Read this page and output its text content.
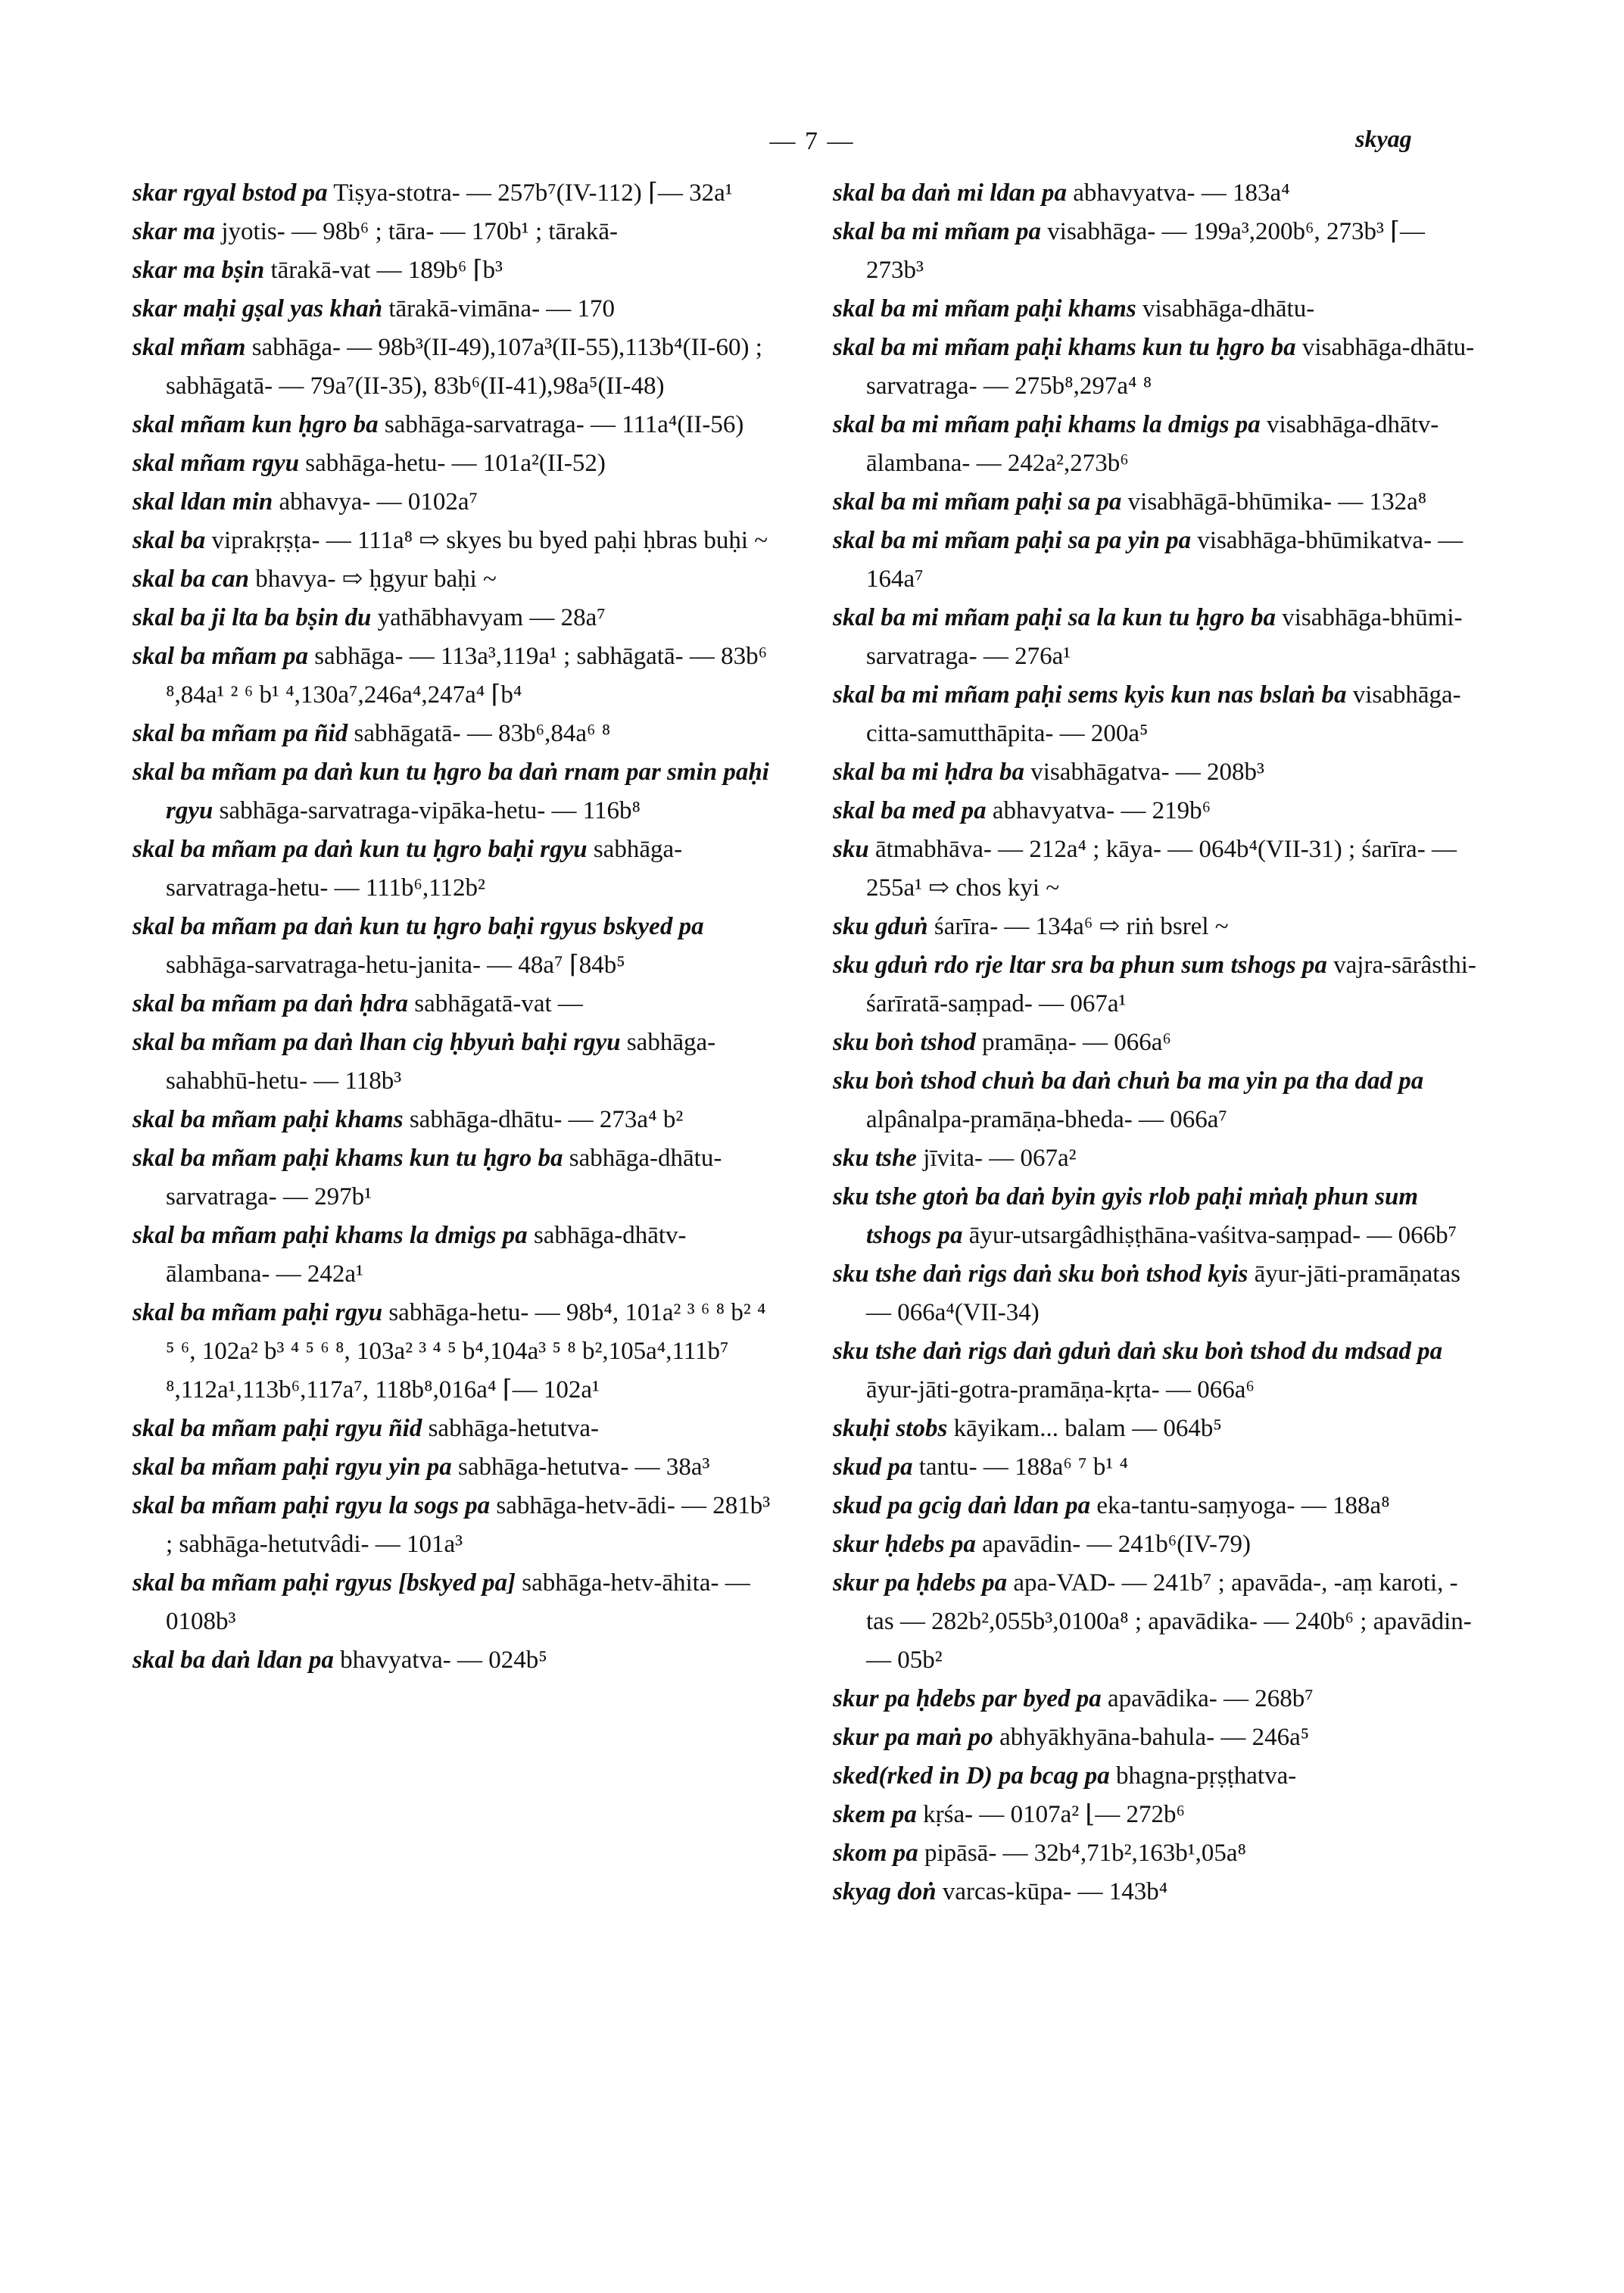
— 7 —	skyag

skar rgyal bstod pa Tiṣya-stotra- — 257b⁷(IV-112) ⌈— 32a¹

skar ma jyotis- — 98b⁶ ; tāra- — 170b¹ ; tārakā-

skar ma bṣin tārakā-vat — 189b⁶ ⌈b³

skar maḥi gṣal yas khaṅ tārakā-vimāna- — 170

skal mñam sabhāga- — 98b³(II-49),107a³(II-55),113b⁴(II-60) ; sabhāgatā- — 79a⁷(II-35), 83b⁶(II-41),98a⁵(II-48)

skal mñam kun ḥgro ba sabhāga-sarvatraga- — 111a⁴(II-56)

skal mñam rgyu sabhāga-hetu- — 101a²(II-52)

skal ldan min abhavya- — 0102a⁷

skal ba viprakṛṣṭa- — 111a⁸ ⇨ skyes bu byed paḥi ḥbras buḥi ~

skal ba can bhavya- ⇨ ḥgyur baḥi ~

skal ba ji lta ba bṣin du yathābhavyam — 28a⁷

skal ba mñam pa sabhāga- — 113a³,119a¹ ; sabhāgatā- — 83b⁶ ⁸,84a¹ ² ⁶ b¹ ⁴,130a⁷,246a⁴,247a⁴ ⌈b⁴

skal ba mñam pa ñid sabhāgatā- — 83b⁶,84a⁶ ⁸

skal ba mñam pa daṅ kun tu ḥgro ba daṅ rnam par smin paḥi rgyu sabhāga-sarvatraga-vipāka-hetu- — 116b⁸

skal ba mñam pa daṅ kun tu ḥgro baḥi rgyu sabhāga-sarvatraga-hetu- — 111b⁶,112b²

skal ba mñam pa daṅ kun tu ḥgro baḥi rgyus bskyed pa sabhāga-sarvatraga-hetu-janita- — 48a⁷ ⌈84b⁵

skal ba mñam pa daṅ ḥdra sabhāgatā-vat —

skal ba mñam pa daṅ lhan cig ḥbyuṅ baḥi rgyu sabhāga-sahabhū-hetu- — 118b³

skal ba mñam paḥi khams sabhāga-dhātu- — 273a⁴ b²

skal ba mñam paḥi khams kun tu ḥgro ba sabhāga-dhātu-sarvatraga- — 297b¹

skal ba mñam paḥi khams la dmigs pa sabhāga-dhātv-ālambana- — 242a¹

skal ba mñam paḥi rgyu sabhāga-hetu- — 98b⁴, 101a² ³ ⁶ ⁸ b² ⁴ ⁵ ⁶, 102a² b³ ⁴ ⁵ ⁶ ⁸, 103a² ³ ⁴ ⁵ b⁴,104a³ ⁵ ⁸ b²,105a⁴,111b⁷ ⁸,112a¹,113b⁶,117a⁷, 118b⁸,016a⁴ ⌈— 102a¹

skal ba mñam paḥi rgyu ñid sabhāga-hetutva-

skal ba mñam paḥi rgyu yin pa sabhāga-hetutva- — 38a³

skal ba mñam paḥi rgyu la sogs pa sabhāga-hetv-ādi- — 281b³ ; sabhāga-hetutvâdi- — 101a³

skal ba mñam paḥi rgyus [bskyed pa] sabhāga-hetv-āhita- — 0108b³

skal ba daṅ ldan pa bhavyatva- — 024b⁵

skal ba daṅ mi ldan pa abhavyatva- — 183a⁴

skal ba mi mñam pa visabhāga- — 199a³,200b⁶, 273b³ ⌈— 273b³

skal ba mi mñam paḥi khams visabhāga-dhātu-

skal ba mi mñam paḥi khams kun tu ḥgro ba visabhāga-dhātu-sarvatraga- — 275b⁸,297a⁴ ⁸

skal ba mi mñam paḥi khams la dmigs pa visabhāga-dhātv-ālambana- — 242a²,273b⁶

skal ba mi mñam paḥi sa pa visabhāgā-bhūmika- — 132a⁸

skal ba mi mñam paḥi sa pa yin pa visabhāga-bhūmikatva- — 164a⁷

skal ba mi mñam paḥi sa la kun tu ḥgro ba visabhāga-bhūmi-sarvatraga- — 276a¹

skal ba mi mñam paḥi sems kyis kun nas bslaṅ ba visabhāga-citta-samutthāpita- — 200a⁵

skal ba mi ḥdra ba visabhāgatva- — 208b³

skal ba med pa abhavyatva- — 219b⁶

sku ātmabhāva- — 212a⁴ ; kāya- — 064b⁴(VII-31) ; śarīra- — 255a¹ ⇨ chos kyi ~

sku gduṅ śarīra- — 134a⁶ ⇨ riṅ bsrel ~

sku gduṅ rdo rje ltar sra ba phun sum tshogs pa vajra-sārâsthi-śarīratā-saṃpad- — 067a¹

sku boṅ tshod pramāṇa- — 066a⁶

sku boṅ tshod chuṅ ba daṅ chuṅ ba ma yin pa tha dad pa alpânalpa-pramāṇa-bheda- — 066a⁷

sku tshe jīvita- — 067a²

sku tshe gtoṅ ba daṅ byin gyis rlob paḥi mṅaḥ phun sum tshogs pa āyur-utsargâdhiṣṭhāna-vaśitva-saṃpad- — 066b⁷

sku tshe daṅ rigs daṅ sku boṅ tshod kyis āyur-jāti-pramāṇatas — 066a⁴(VII-34)

sku tshe daṅ rigs daṅ gduṅ daṅ sku boṅ tshod du mdsad pa āyur-jāti-gotra-pramāṇa-kṛta- — 066a⁶

skuḥi stobs kāyikam... balam — 064b⁵

skud pa tantu- — 188a⁶ ⁷ b¹ ⁴

skud pa gcig daṅ ldan pa eka-tantu-saṃyoga- — 188a⁸

skur ḥdebs pa apavādin- — 241b⁶(IV-79)

skur pa ḥdebs pa apa-VAD- — 241b⁷ ; apavāda-, -aṃ karoti, -tas — 282b²,055b³,0100a⁸ ; apavādika- — 240b⁶ ; apavādin- — 05b²

skur pa ḥdebs par byed pa apavādika- — 268b⁷

skur pa maṅ po abhyākhyāna-bahula- — 246a⁵

sked(rked in D) pa bcag pa bhagna-pṛṣṭhatva-

skem pa kṛśa- — 0107a² ⌊— 272b⁶

skom pa pipāsā- — 32b⁴,71b²,163b¹,05a⁸

skyag doṅ varcas-kūpa- — 143b⁴
